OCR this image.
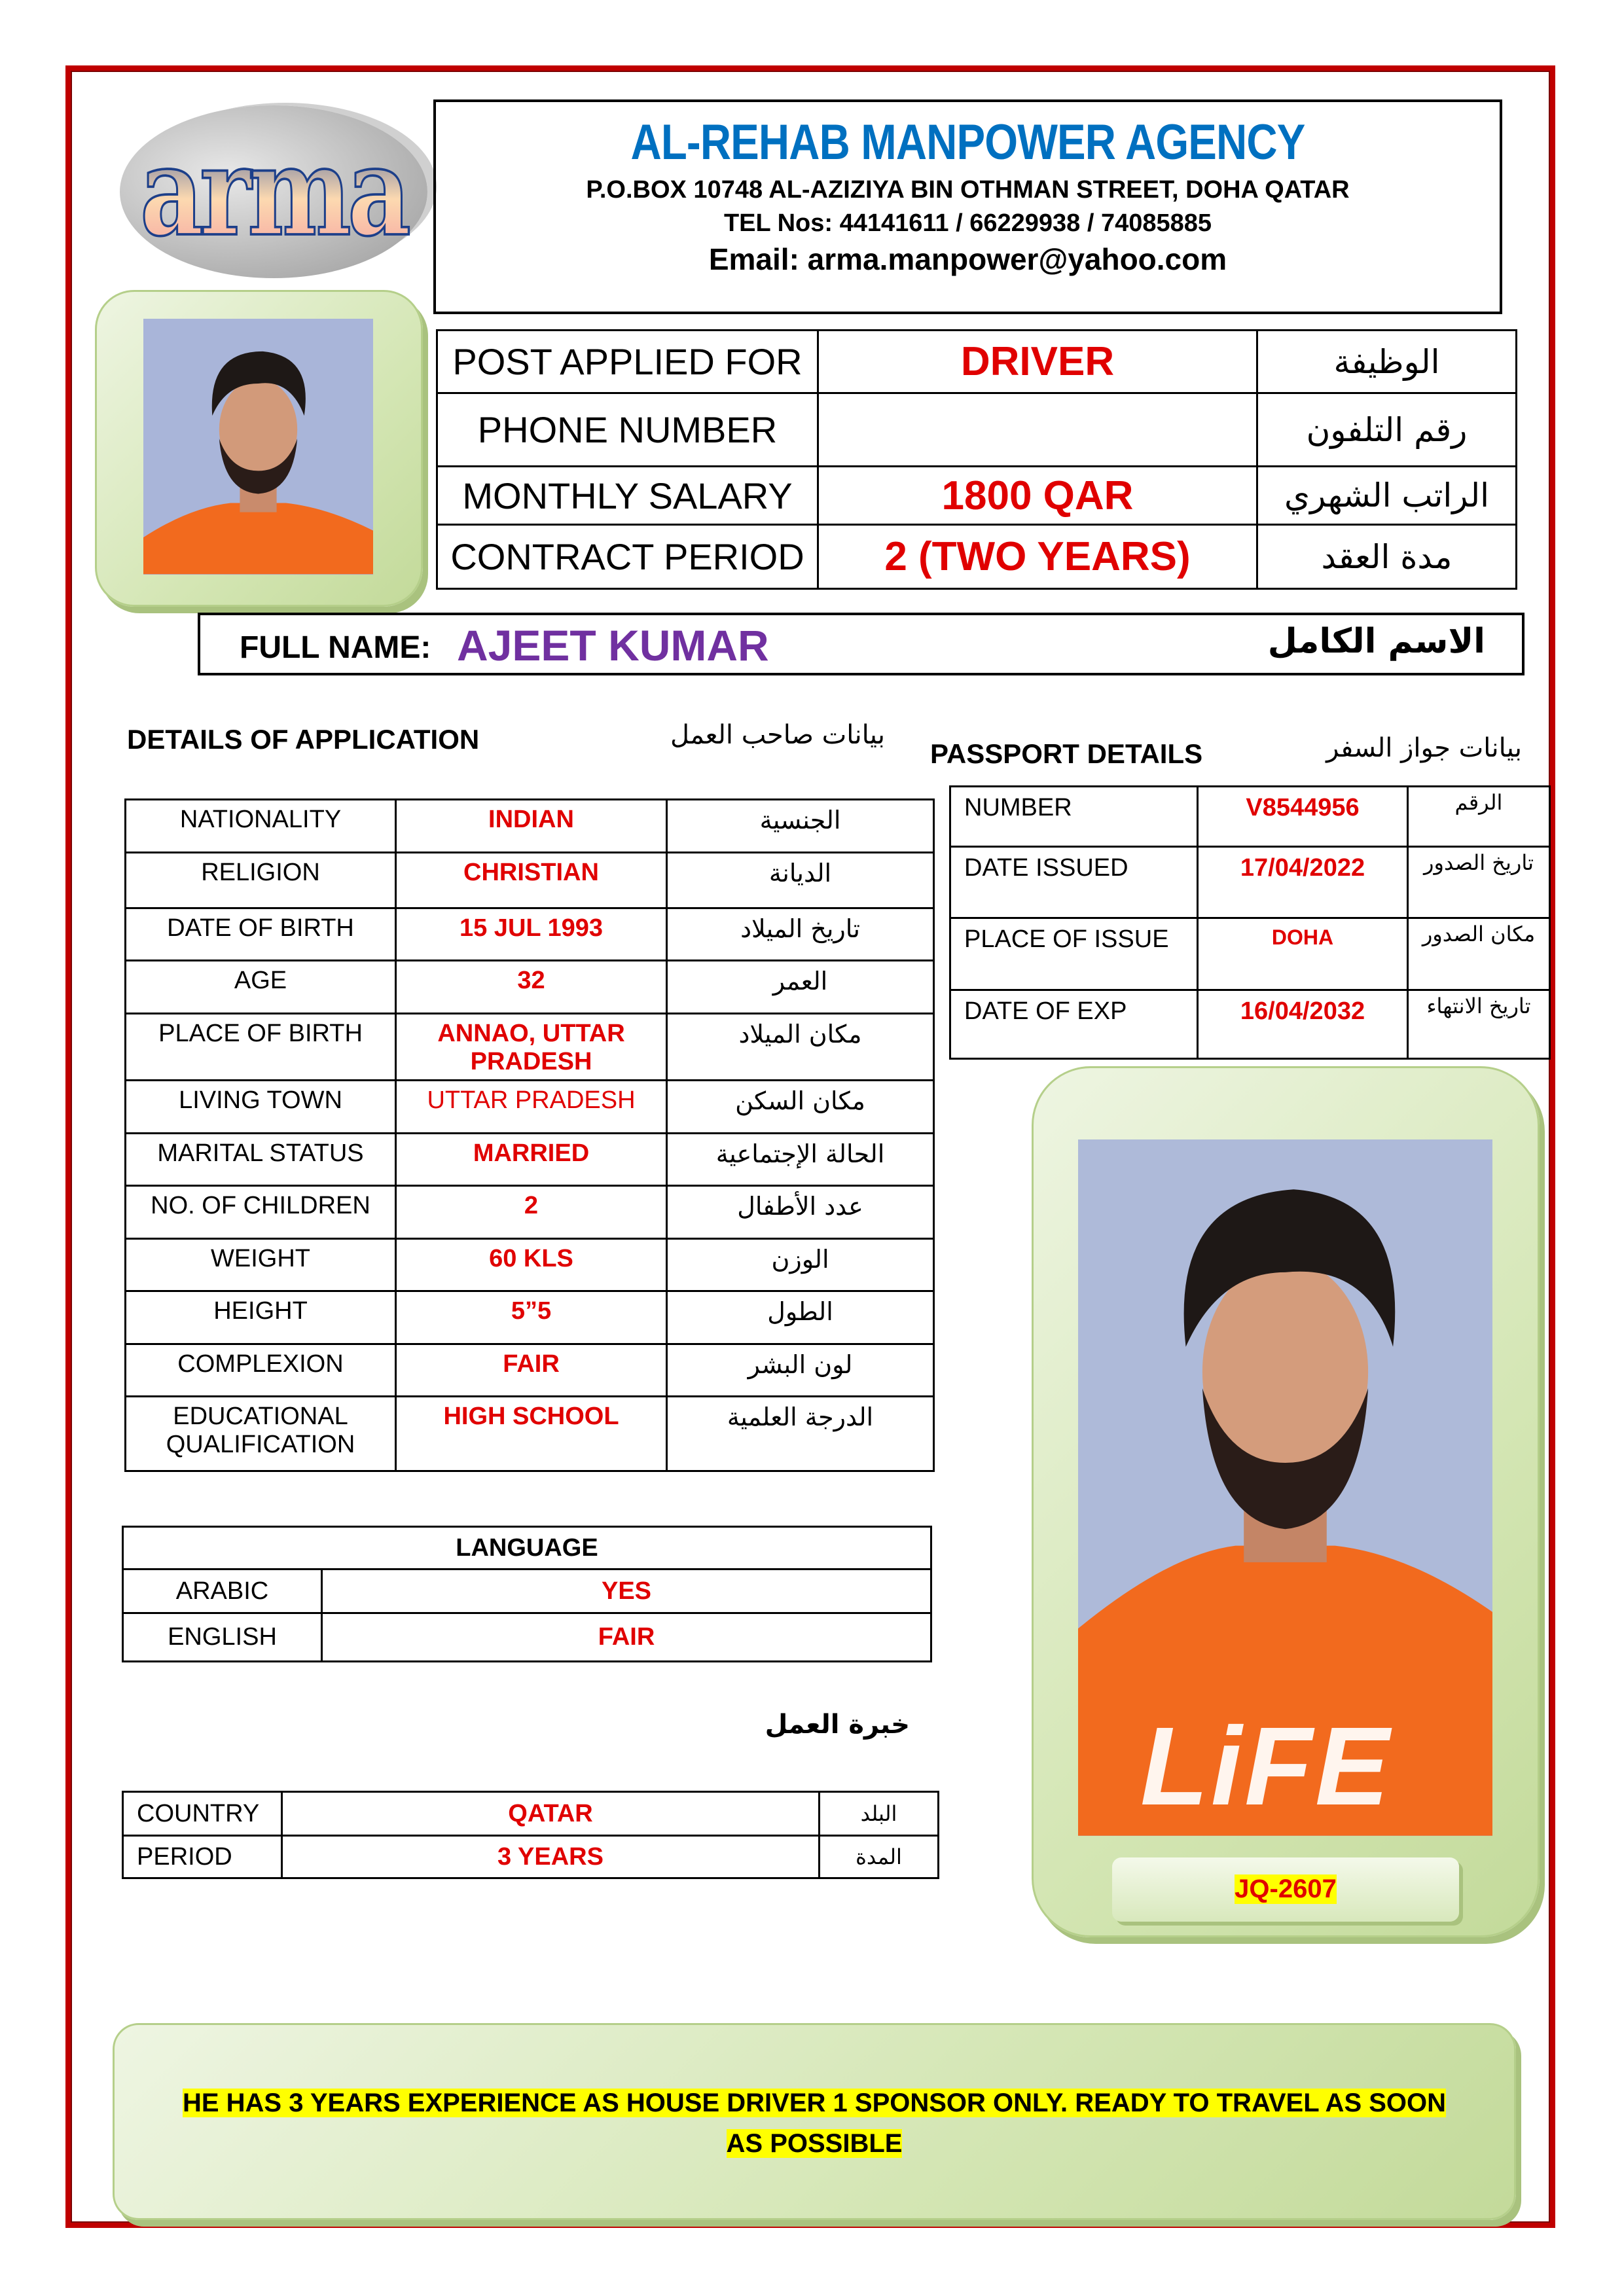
arma	AL-REHAB MANPOWER AGENCY
P.O.BOX 10748 AL-AZIZIYA BIN OTHMAN STREET, DOHA QATAR
TEL Nos: 44141611 / 66229938 / 74085885
Email: arma.manpower@yahoo.com
POST APPLIED FOR	DRIVER	الوظيفة
PHONE NUMBER		رقم التلفون
MONTHLY SALARY	1800 QAR	الراتب الشهري
CONTRACT PERIOD	2 (TWO YEARS)	مدة العقد
FULL NAME: AJEET KUMAR	الاسم الكامل
DETAILS OF APPLICATION	بيانات صاحب العمل
NATIONALITY	INDIAN	الجنسية
RELIGION	CHRISTIAN	الديانة
DATE OF BIRTH	15 JUL 1993	تاريخ الميلاد
AGE	32	العمر
PLACE OF BIRTH	ANNAO, UTTAR PRADESH	مكان الميلاد
LIVING TOWN	UTTAR PRADESH	مكان السكن
MARITAL STATUS	MARRIED	الحالة الإجتماعية
NO. OF CHILDREN	2	عدد الأطفال
WEIGHT	60 KLS	الوزن
HEIGHT	5”5	الطول
COMPLEXION	FAIR	لون البشر
EDUCATIONAL QUALIFICATION	HIGH SCHOOL	الدرجة العلمية
PASSPORT DETAILS	بيانات جواز السفر
NUMBER	V8544956	الرقم
DATE ISSUED	17/04/2022	تاريخ الصدور
PLACE OF ISSUE	DOHA	مكان الصدور
DATE OF EXP	16/04/2032	تاريخ الانتهاء
LiFE
JQ-2607
LANGUAGE	
ARABIC	YES
ENGLISH	FAIR
خبرة العمل
COUNTRY	QATAR	البلد
PERIOD	3 YEARS	المدة
HE HAS 3 YEARS EXPERIENCE AS HOUSE DRIVER 1 SPONSOR ONLY. READY TO TRAVEL AS SOON AS POSSIBLE
